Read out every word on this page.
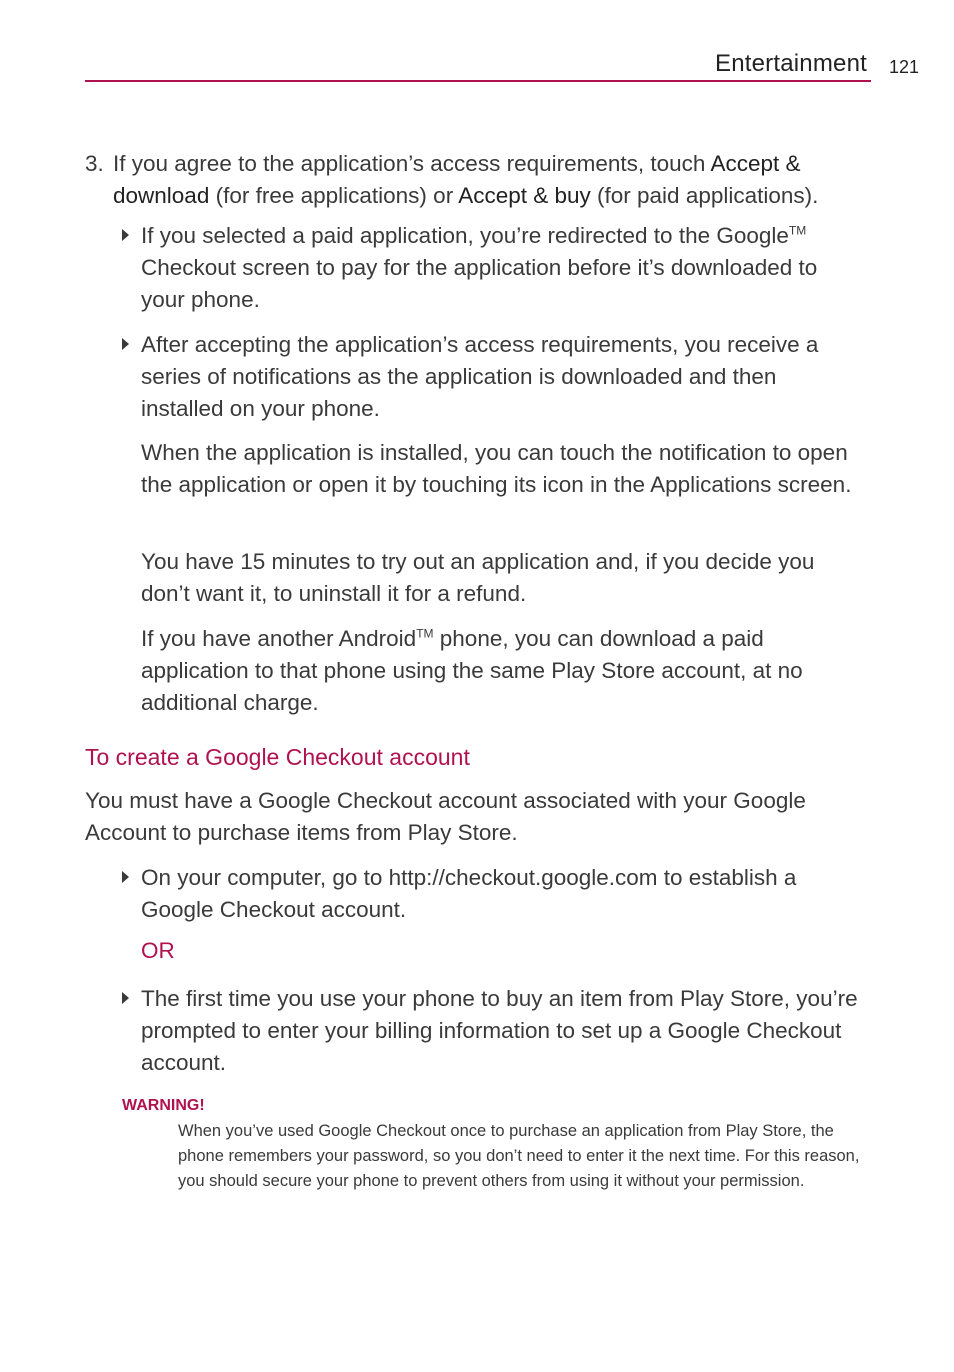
Entertainment 121
3. If you agree to the application’s access requirements, touch Accept & download (for free applications) or Accept & buy (for paid applications).
If you selected a paid application, you’re redirected to the Google™ Checkout screen to pay for the application before it’s downloaded to your phone.
After accepting the application’s access requirements, you receive a series of notifications as the application is downloaded and then installed on your phone.
When the application is installed, you can touch the notification to open the application or open it by touching its icon in the Applications screen.
You have 15 minutes to try out an application and, if you decide you don’t want it, to uninstall it for a refund.
If you have another Android™ phone, you can download a paid application to that phone using the same Play Store account, at no additional charge.
To create a Google Checkout account
You must have a Google Checkout account associated with your Google Account to purchase items from Play Store.
On your computer, go to http://checkout.google.com to establish a Google Checkout account.
OR
The first time you use your phone to buy an item from Play Store, you’re prompted to enter your billing information to set up a Google Checkout account.
WARNING!
When you’ve used Google Checkout once to purchase an application from Play Store, the phone remembers your password, so you don’t need to enter it the next time. For this reason, you should secure your phone to prevent others from using it without your permission.
